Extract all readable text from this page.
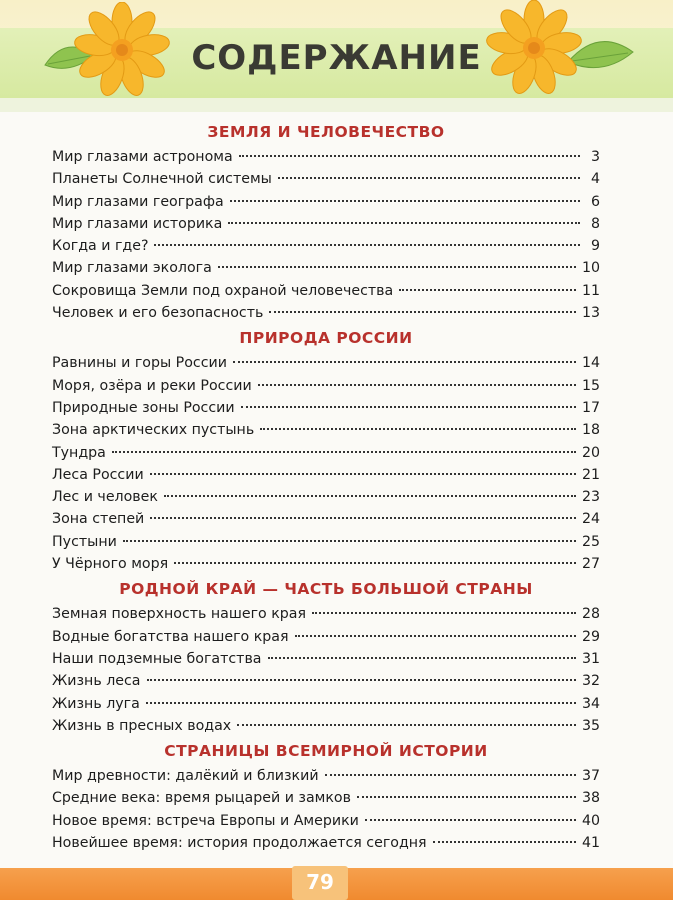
СОДЕРЖАНИЕ
ЗЕМЛЯ И ЧЕЛОВЕЧЕСТВО
Мир глазами астронома	3
Планеты Солнечной системы	4
Мир глазами географа	6
Мир глазами историка	8
Когда и где?	9
Мир глазами эколога	10
Сокровища Земли под охраной человечества	11
Человек и его безопасность	13
ПРИРОДА РОССИИ
Равнины и горы России	14
Моря, озёра и реки России	15
Природные зоны России	17
Зона арктических пустынь	18
Тундра	20
Леса России	21
Лес и человек	23
Зона степей	24
Пустыни	25
У Чёрного моря	27
РОДНОЙ КРАЙ — ЧАСТЬ БОЛЬШОЙ СТРАНЫ
Земная поверхность нашего края	28
Водные богатства нашего края	29
Наши подземные богатства	31
Жизнь леса	32
Жизнь луга	34
Жизнь в пресных водах	35
СТРАНИЦЫ ВСЕМИРНОЙ ИСТОРИИ
Мир древности: далёкий и близкий	37
Средние века: время рыцарей и замков	38
Новое время: встреча Европы и Америки	40
Новейшее время: история продолжается сегодня	41
79
